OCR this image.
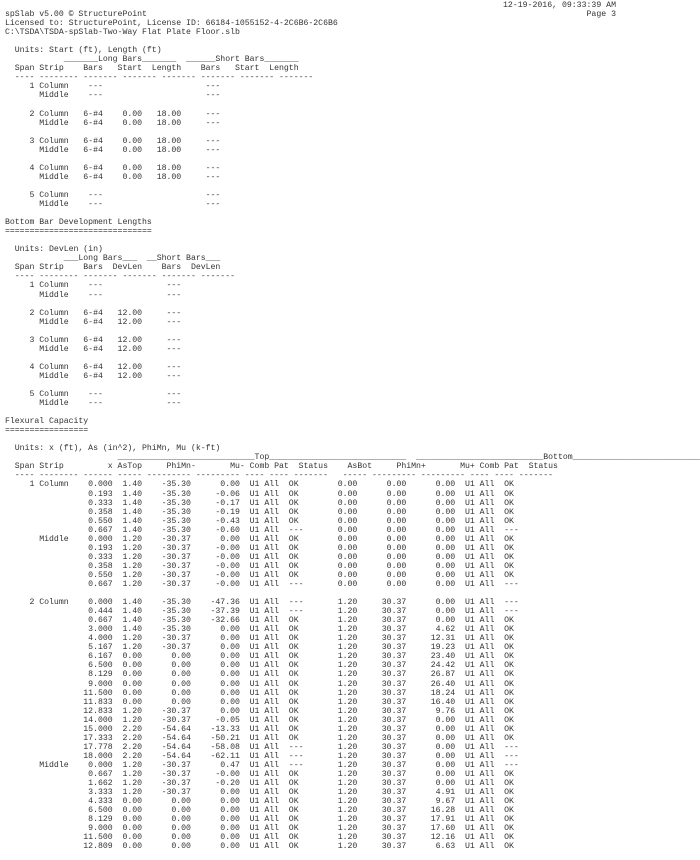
12-19-2016, 09:33:39 AM
Page 3

spSlab v5.00 © StructurePoint
Licensed to: StructurePoint, License ID: 66184-1055152-4-2C6B6-2C6B6
C:\TSDA\TSDA-spSlab-Two-Way Flat Plate Floor.slb
Units: Start (ft), Length (ft)
_______Long Bars_______  ______Short Bars_______
Span Strip    Bars   Start  Length    Bars   Start  Length
---- -------- ------- ------- ------- ------- ------- -------
1 Column    ---                     ---
Middle    ---                     ---
2 Column   6-#4    0.00   18.00     ---
Middle   6-#4    0.00   18.00     ---
3 Column   6-#4    0.00   18.00     ---
Middle   6-#4    0.00   18.00     ---
4 Column   6-#4    0.00   18.00     ---
Middle   6-#4    0.00   18.00     ---
5 Column    ---                     ---
Middle    ---                     ---
Bottom Bar Development Lengths
==============================
Units: DevLen (in)
___Long Bars___  __Short Bars___
Span Strip    Bars  DevLen    Bars  DevLen
---- -------- ------- ------- ------- -------
1 Column    ---             ---
Middle    ---             ---
2 Column   6-#4   12.00     ---
Middle   6-#4   12.00     ---
3 Column   6-#4   12.00     ---
Middle   6-#4   12.00     ---
4 Column   6-#4   12.00     ---
Middle   6-#4   12.00     ---
5 Column    ---             ---
Middle    ---             ---
Flexural Capacity
=================
Units: x (ft), As (in^2), PhiMn, Mu (k-ft)
____________________________Top____________________________  __________________________Bottom__________________________
Span Strip         x AsTop     PhiMn-       Mu- Comb Pat  Status    AsBot     PhiMn+       Mu+ Comb Pat  Status
---- -------- ------ ----- --------- --------- ---- ---- -------   ----- --------- --------- ---- ---- -------
1 Column    0.000  1.40    -35.30      0.00  U1 All  OK        0.00      0.00      0.00  U1 All  OK
0.193  1.40    -35.30     -0.06  U1 All  OK        0.00      0.00      0.00  U1 All  OK
0.333  1.40    -35.30     -0.17  U1 All  OK        0.00      0.00      0.00  U1 All  OK
0.358  1.40    -35.30     -0.19  U1 All  OK        0.00      0.00      0.00  U1 All  OK
0.550  1.40    -35.30     -0.43  U1 All  OK        0.00      0.00      0.00  U1 All  OK
0.667  1.40    -35.30     -0.60  U1 All  ---       0.00      0.00      0.00  U1 All  ---
Middle    0.000  1.20    -30.37      0.00  U1 All  OK        0.00      0.00      0.00  U1 All  OK
0.193  1.20    -30.37     -0.00  U1 All  OK        0.00      0.00      0.00  U1 All  OK
0.333  1.20    -30.37     -0.00  U1 All  OK        0.00      0.00      0.00  U1 All  OK
0.358  1.20    -30.37     -0.00  U1 All  OK        0.00      0.00      0.00  U1 All  OK
0.550  1.20    -30.37     -0.00  U1 All  OK        0.00      0.00      0.00  U1 All  OK
0.667  1.20    -30.37     -0.00  U1 All  ---       0.00      0.00      0.00  U1 All  ---
2 Column    0.000  1.40    -35.30    -47.36  U1 All  ---       1.20     30.37      0.00  U1 All  ---
0.444  1.40    -35.30    -37.39  U1 All  ---       1.20     30.37      0.00  U1 All  ---
0.667  1.40    -35.30    -32.66  U1 All  OK        1.20     30.37      0.00  U1 All  OK
3.000  1.40    -35.30      0.00  U1 All  OK        1.20     30.37      4.62  U1 All  OK
4.000  1.20    -30.37      0.00  U1 All  OK        1.20     30.37     12.31  U1 All  OK
5.167  1.20    -30.37      0.00  U1 All  OK        1.20     30.37     19.23  U1 All  OK
6.167  0.00      0.00      0.00  U1 All  OK        1.20     30.37     23.40  U1 All  OK
6.500  0.00      0.00      0.00  U1 All  OK        1.20     30.37     24.42  U1 All  OK
8.129  0.00      0.00      0.00  U1 All  OK        1.20     30.37     26.87  U1 All  OK
9.000  0.00      0.00      0.00  U1 All  OK        1.20     30.37     26.40  U1 All  OK
11.500  0.00      0.00      0.00  U1 All  OK        1.20     30.37     18.24  U1 All  OK
11.833  0.00      0.00      0.00  U1 All  OK        1.20     30.37     16.40  U1 All  OK
12.833  1.20    -30.37      0.00  U1 All  OK        1.20     30.37      9.76  U1 All  OK
14.000  1.20    -30.37     -0.05  U1 All  OK        1.20     30.37      0.00  U1 All  OK
15.000  2.20    -54.64    -13.33  U1 All  OK        1.20     30.37      0.00  U1 All  OK
17.333  2.20    -54.64    -50.21  U1 All  OK        1.20     30.37      0.00  U1 All  OK
17.778  2.20    -54.64    -58.08  U1 All  ---       1.20     30.37      0.00  U1 All  ---
18.000  2.20    -54.64    -62.11  U1 All  ---       1.20     30.37      0.00  U1 All  ---
Middle    0.000  1.20    -30.37      0.47  U1 All  ---       1.20     30.37      0.00  U1 All  ---
0.667  1.20    -30.37     -0.00  U1 All  OK        1.20     30.37      0.00  U1 All  OK
1.662  1.20    -30.37     -0.20  U1 All  OK        1.20     30.37      0.00  U1 All  OK
3.333  1.20    -30.37      0.00  U1 All  OK        1.20     30.37      4.91  U1 All  OK
4.333  0.00      0.00      0.00  U1 All  OK        1.20     30.37      9.67  U1 All  OK
6.500  0.00      0.00      0.00  U1 All  OK        1.20     30.37     16.28  U1 All  OK
8.129  0.00      0.00      0.00  U1 All  OK        1.20     30.37     17.91  U1 All  OK
9.000  0.00      0.00      0.00  U1 All  OK        1.20     30.37     17.60  U1 All  OK
11.500  0.00      0.00      0.00  U1 All  OK        1.20     30.37     12.16  U1 All  OK
12.809  0.00      0.00      0.00  U1 All  OK        1.20     30.37      6.63  U1 All  OK
